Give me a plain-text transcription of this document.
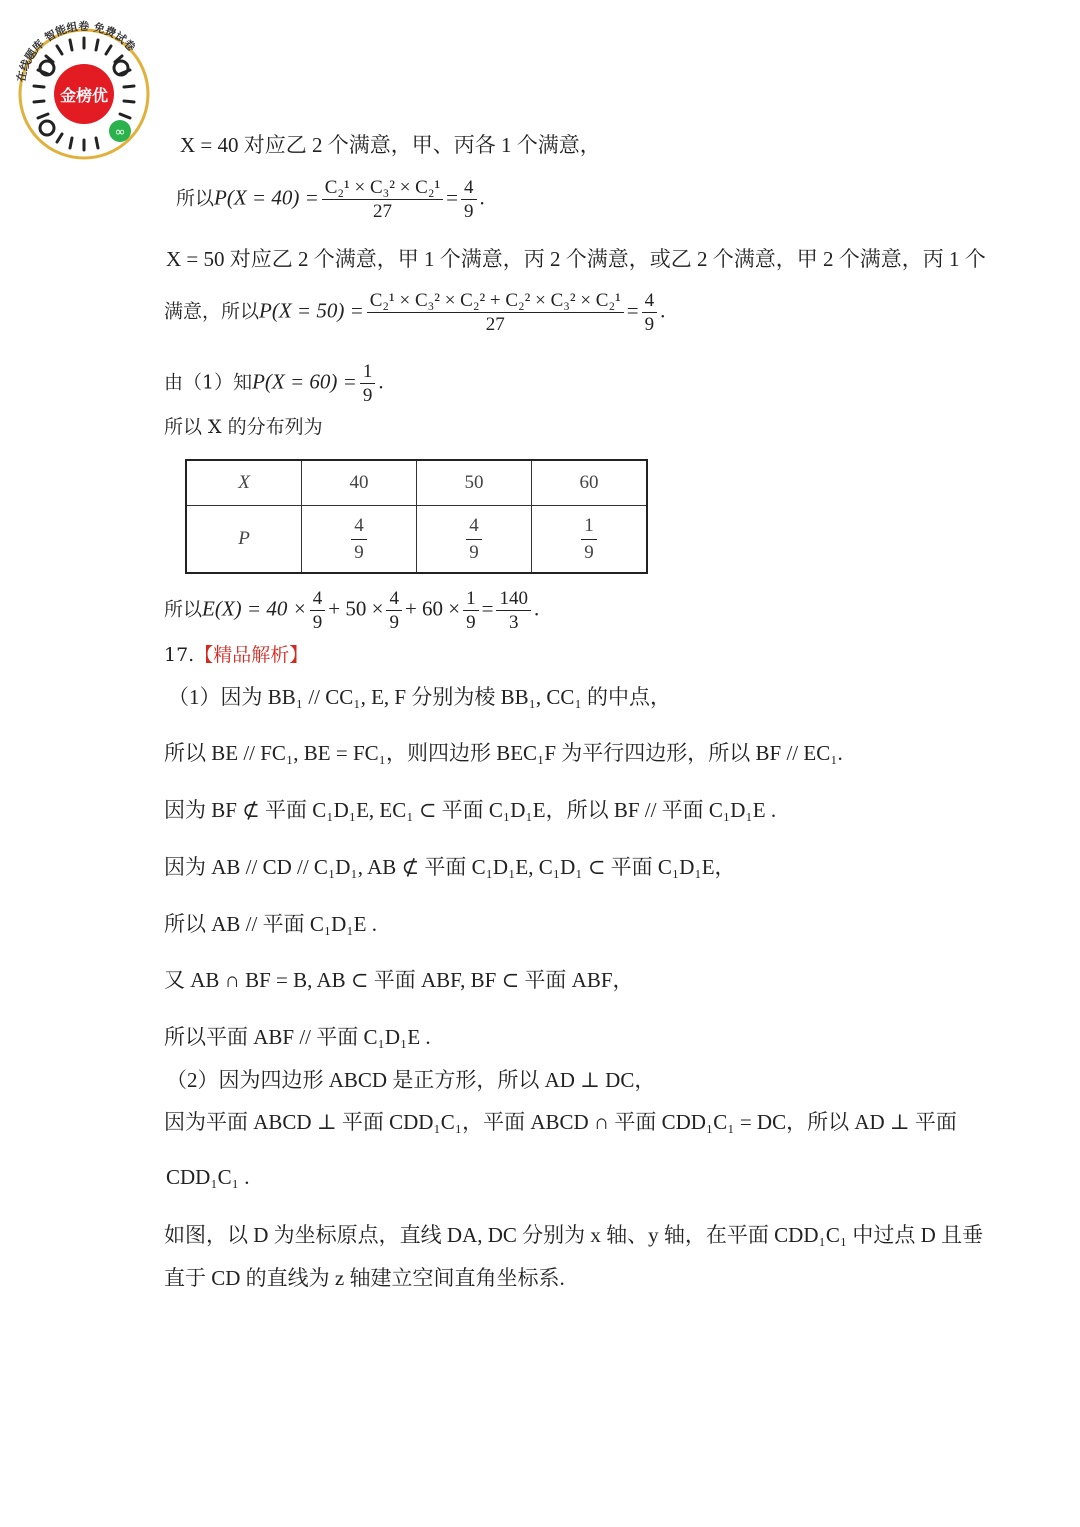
金榜优
∞
在线题库 智能组卷 免费试卷
X = 40 对应乙 2 个满意，甲、丙各 1 个满意，
所以$P(X = 40) = \frac{\text{C₂¹ × C₃² × C₂¹}}{27} = \frac{4}{9}$ .
X = 50 对应乙 2 个满意，甲 1 个满意，丙 2 个满意，或乙 2 个满意，甲 2 个满意，丙 1 个
满意，所以$P(X = 50) = \frac{\text{C₂¹ × C₃² × C₂² + C₂² × C₃² × C₂¹}}{27} = \frac{4}{9}$ .
由（1）知$P(X = 60) = \frac{1}{9}$ .
所以 X 的分布列为
X	40	50	60
P	$\frac{4}{9}$	$\frac{4}{9}$	$\frac{1}{9}$
所以$E(X) = 40 \times \frac{4}{9} + 50 \times \frac{4}{9} + 60 \times \frac{1}{9} = \frac{140}{3}$ .
17.【精品解析】
（1）因为 BB₁ // CC₁, E, F 分别为棱 BB₁, CC₁ 的中点，
所以 BE // FC₁, BE = FC₁，则四边形 BEC₁F 为平行四边形，所以 BF // EC₁.
因为 BF ⊄ 平面 C₁D₁E, EC₁ ⊂ 平面 C₁D₁E，所以 BF // 平面 C₁D₁E .
因为 AB // CD // C₁D₁, AB ⊄ 平面 C₁D₁E, C₁D₁ ⊂ 平面 C₁D₁E，
所以 AB // 平面 C₁D₁E .
又 AB ∩ BF = B, AB ⊂ 平面 ABF, BF ⊂ 平面 ABF，
所以平面 ABF // 平面 C₁D₁E .
（2）因为四边形 ABCD 是正方形，所以 AD ⊥ DC，
因为平面 ABCD ⊥ 平面 CDD₁C₁，平面 ABCD ∩ 平面 CDD₁C₁ = DC，所以 AD ⊥ 平面
CDD₁C₁ .
如图，以 D 为坐标原点，直线 DA, DC 分别为 x 轴、y 轴，在平面 CDD₁C₁ 中过点 D 且垂
直于 CD 的直线为 z 轴建立空间直角坐标系.
